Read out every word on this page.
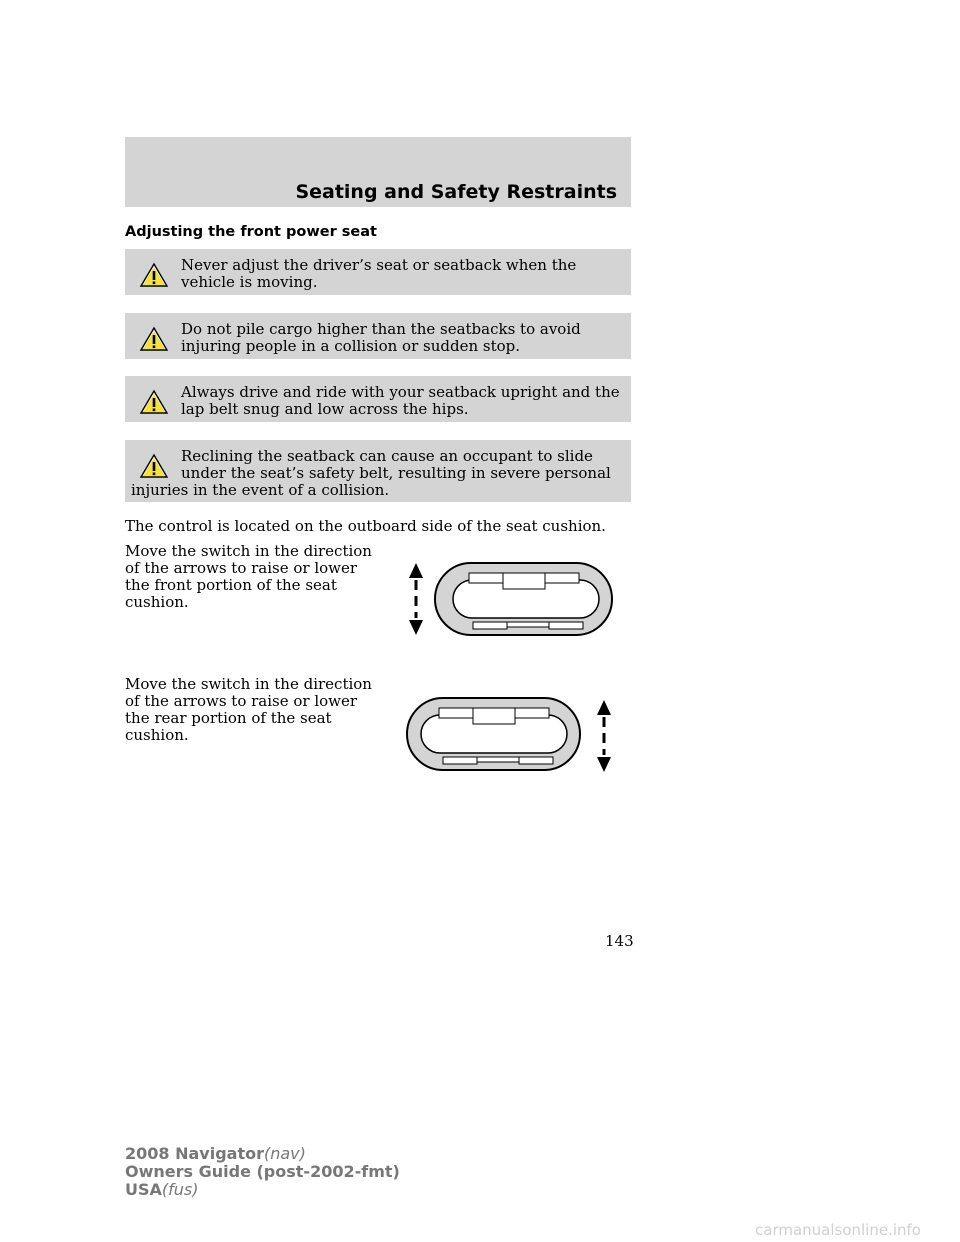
Seating and Safety Restraints
Adjusting the front power seat
Never adjust the driver’s seat or seatback when the vehicle is moving.
Do not pile cargo higher than the seatbacks to avoid injuring people in a collision or sudden stop.
Always drive and ride with your seatback upright and the lap belt snug and low across the hips.
Reclining the seatback can cause an occupant to slide under the seat’s safety belt, resulting in severe personal injuries in the event of a collision.
The control is located on the outboard side of the seat cushion.
Move the switch in the direction of the arrows to raise or lower the front portion of the seat cushion.
Move the switch in the direction of the arrows to raise or lower the rear portion of the seat cushion.
143
2008 Navigator(nav)
Owners Guide (post-2002-fmt)
USA(fus)
carmanualsonline.info
